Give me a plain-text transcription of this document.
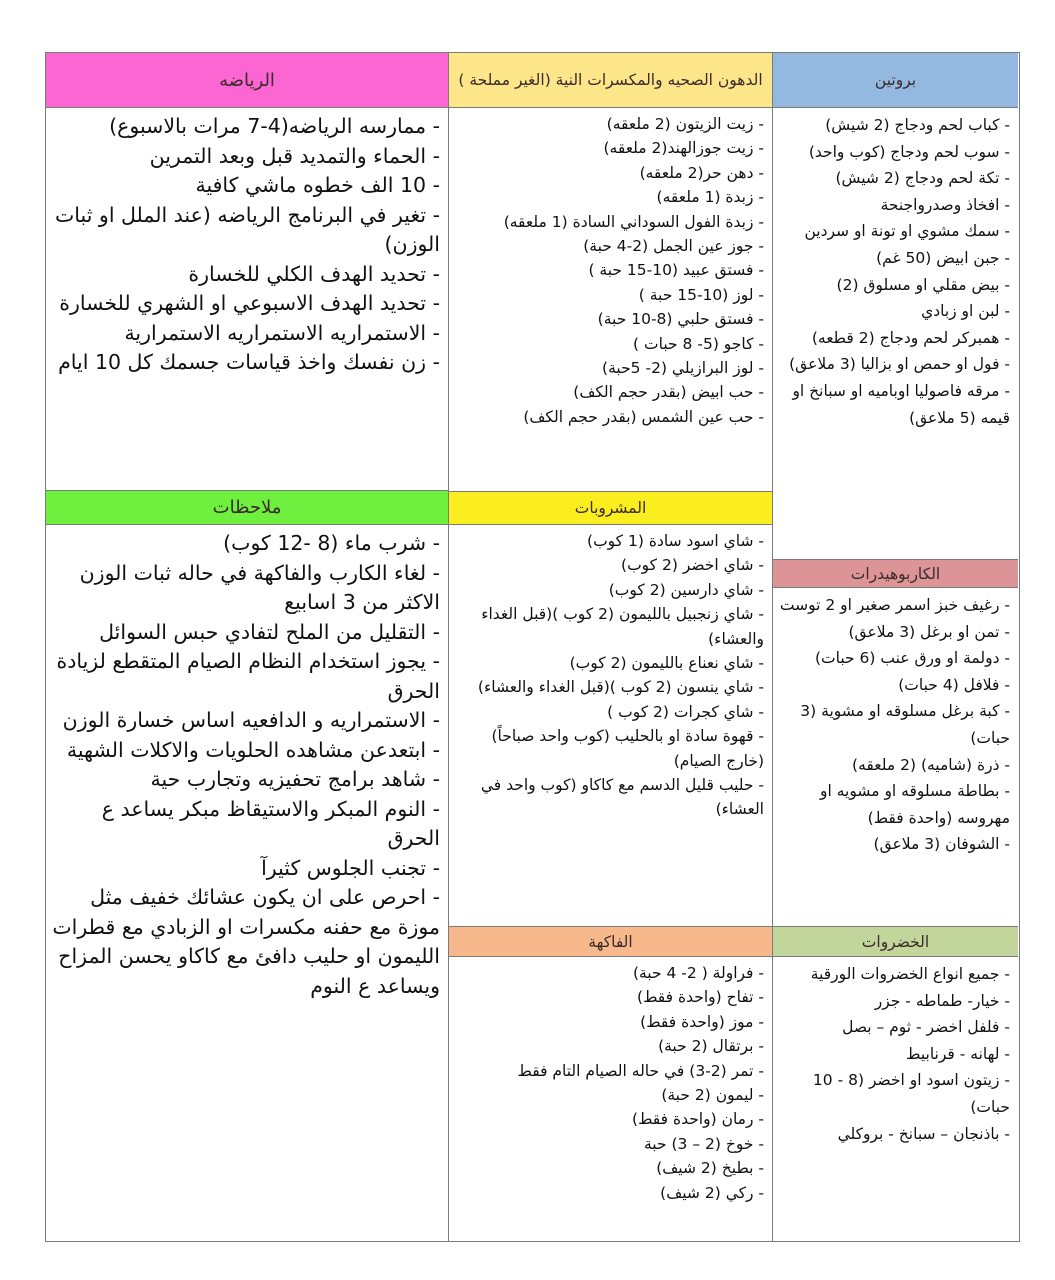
الرياضه
- ممارسه الرياضه(4-7 مرات بالاسبوع)
- الحماء والتمديد قبل وبعد التمرين
- 10 الف خطوه ماشي كافية
- تغير في البرنامج الرياضه (عند الملل او ثبات الوزن)
- تحديد الهدف الكلي للخسارة
- تحديد الهدف الاسبوعي او الشهري للخسارة
- الاستمراريه الاستمراريه الاستمرارية
- زن نفسك واخذ قياسات جسمك كل 10 ايام
ملاحظات
- شرب ماء (8 -12 كوب)
- لغاء الكارب والفاكهة في حاله ثبات الوزن الاكثر من 3 اسابيع
- التقليل من الملح لتفادي حبس السوائل
- يجوز استخدام النظام الصيام المتقطع لزيادة الحرق
- الاستمراريه و الدافعيه اساس خسارة الوزن
- ابتعدعن مشاهده الحلويات والاكلات الشهية
- شاهد برامج تحفيزيه وتجارب حية
- النوم المبكر والاستيقاظ مبكر يساعد ع الحرق
- تجنب الجلوس كثيرآ
- احرص على ان يكون عشائك خفيف مثل موزة مع حفنه مكسرات او الزبادي مع قطرات الليمون او حليب دافئ مع كاكاو يحسن المزاح ويساعد ع النوم
الدهون الصحيه والمكسرات النية (الغير مملحة )
- زيت الزيتون (2 ملعقه)
- زيت جوزالهند(2 ملعقه)
- دهن حر(2 ملعقه)
- زبدة (1 ملعقه)
- زبدة الفول السوداني السادة (1 ملعقه)
- جوز عين الجمل (2-4 حبة)
- فستق عبيد (10-15 حبة )
- لوز (10-15 حبة )
- فستق حلبي (8-10 حبة)
- كاجو (5- 8 حبات )
- لوز البرازيلي (2- 5حبة)
- حب ابيض (بقدر حجم الكف)
- حب عين الشمس (بقدر حجم الكف)
المشروبات
- شاي اسود سادة (1 كوب)
- شاي اخضر (2 كوب)
- شاي دارسين (2 كوب)
- شاي زنجبيل بالليمون (2 كوب )(قبل الغداء والعشاء)
- شاي نعناع بالليمون (2 كوب)
- شاي ينسون (2 كوب )(قبل الغداء والعشاء)
- شاي كجرات (2 كوب )
- قهوة سادة او بالحليب (كوب واحد صباحاً)(خارج الصيام)
- حليب قليل الدسم مع كاكاو (كوب واحد في العشاء)
الفاكهة
- فراولة ( 2- 4 حبة)
- تفاح (واحدة فقط)
- موز (واحدة فقط)
- برتقال (2 حبة)
- تمر (2-3) في حاله الصيام التام فقط
- ليمون (2 حبة)
- رمان (واحدة فقط)
- خوخ (2 – 3) حبة
- بطيخ (2 شيف)
- ركي (2 شيف)
بروتين
- كباب لحم ودجاج (2 شيش)
- سوب لحم ودجاج (كوب واحد)
- تكة لحم ودجاج (2 شيش)
- افخاذ وصدرواجنحة
- سمك مشوي او تونة او سردين
- جبن ابيض (50 غم)
- بيض مقلي او مسلوق (2)
- لبن او زبادي
- همبركر لحم ودجاج (2 قطعه)
- فول او حمص او بزاليا (3 ملاعق)
- مرقه فاصوليا اوباميه او سبانخ او قيمه (5 ملاعق)
الكاربوهيدرات
- رغيف خبز اسمر صغير او 2 توست
- تمن او برغل (3 ملاعق)
- دولمة او ورق عنب (6 حبات)
- فلافل (4 حبات)
- كبة برغل مسلوقه او مشوية (3 حبات)
- ذرة (شاميه) (2 ملعقه)
- بطاطة مسلوقه او مشويه او مهروسه (واحدة فقط)
- الشوفان (3 ملاعق)
الخضروات
- جميع انواع الخضروات الورقية
- خيار- طماطه - جزر
- فلفل اخضر - ثوم – بصل
- لهانه - قرنابيط
- زيتون اسود او اخضر (8 - 10 حبات)
- باذنجان – سبانخ - بروكلي
